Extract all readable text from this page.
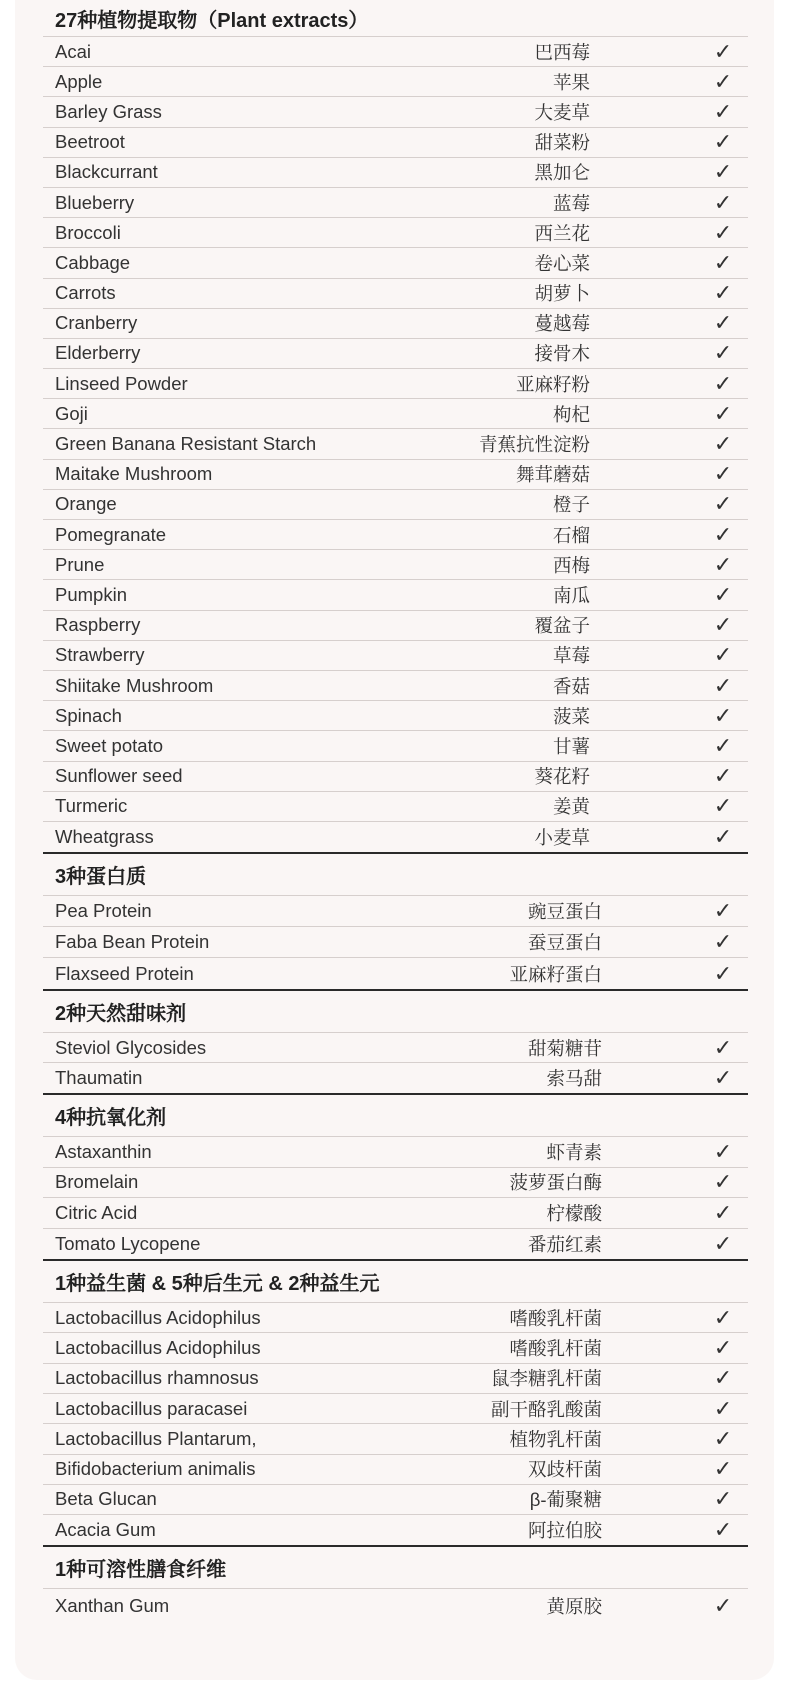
27种植物提取物（Plant extracts）
Acai	巴西莓	✓
Apple	苹果	✓
Barley Grass	大麦草	✓
Beetroot	甜菜粉	✓
Blackcurrant	黑加仑	✓
Blueberry	蓝莓	✓
Broccoli	西兰花	✓
Cabbage	卷心菜	✓
Carrots	胡萝卜	✓
Cranberry	蔓越莓	✓
Elderberry	接骨木	✓
Linseed Powder	亚麻籽粉	✓
Goji	枸杞	✓
Green Banana Resistant Starch	青蕉抗性淀粉	✓
Maitake Mushroom	舞茸蘑菇	✓
Orange	橙子	✓
Pomegranate	石榴	✓
Prune	西梅	✓
Pumpkin	南瓜	✓
Raspberry	覆盆子	✓
Strawberry	草莓	✓
Shiitake Mushroom	香菇	✓
Spinach	菠菜	✓
Sweet potato	甘薯	✓
Sunflower seed	葵花籽	✓
Turmeric	姜黄	✓
Wheatgrass	小麦草	✓
3种蛋白质
Pea Protein	豌豆蛋白	✓
Faba Bean Protein	蚕豆蛋白	✓
Flaxseed Protein	亚麻籽蛋白	✓
2种天然甜味剂
Steviol Glycosides	甜菊糖苷	✓
Thaumatin	索马甜	✓
4种抗氧化剂
Astaxanthin	虾青素	✓
Bromelain	菠萝蛋白酶	✓
Citric Acid	柠檬酸	✓
Tomato Lycopene	番茄红素	✓
1种益生菌 & 5种后生元 & 2种益生元
Lactobacillus Acidophilus	嗜酸乳杆菌	✓
Lactobacillus Acidophilus	嗜酸乳杆菌	✓
Lactobacillus rhamnosus	鼠李糖乳杆菌	✓
Lactobacillus paracasei	副干酪乳酸菌	✓
Lactobacillus Plantarum,	植物乳杆菌	✓
Bifidobacterium animalis	双歧杆菌	✓
Beta Glucan	β-葡聚糖	✓
Acacia Gum	阿拉伯胶	✓
1种可溶性膳食纤维
Xanthan Gum	黄原胶	✓
